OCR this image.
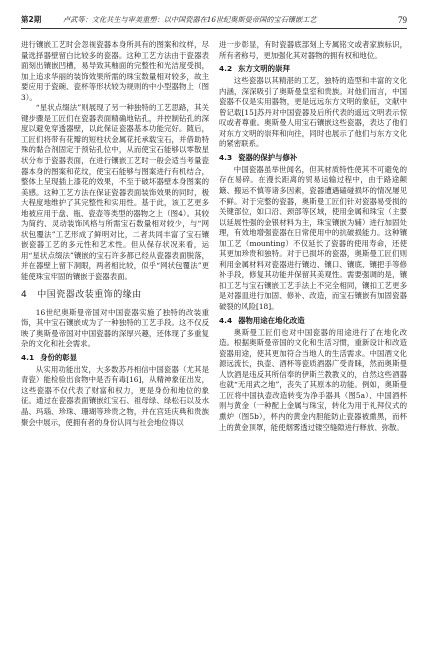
第2期	卢武等：文化共生与审美重塑：以中国瓷器在16世纪奥斯曼帝国的宝石镶嵌工艺	79

进行镶嵌工艺时会忽视瓷器本身所具有的图案和纹样，尽量选择器壁留白比较多的瓷器。这种工艺方法由于瓷器表面刻出镶嵌凹槽，易导致其釉面的完整性和光洁度受损，加上追求华丽的装饰效果所需的珠宝数量相对较多，故主要应用于瓷碗、瓷杯等形状较为规则的中小型器物上（图3）。

“星状点缀法”则展现了另一种独特的工艺思路，其关键步骤是工匠们在瓷器表面精确地钻孔，并控制钻孔的深度以避免穿透器壁，以此保证瓷器基本功能完好。随后，工匠们将带有花瓣的短柱状金属花托承载宝石，并借助特殊的黏合剂固定于预钻孔位中，从而使宝石能够以零散星状分布于瓷器表面，在进行镶嵌工艺时一般会适当考量瓷器本身的图案和花纹，使宝石能够与图案进行有机结合，整体上呈现插上漆花的效果，不至于破坏器壁本身图案的美感。这种工艺方法在保证瓷器表面装饰效果的同时，极大程度地维护了其完整性和实用性。基于此，该工艺更多地被应用于盘、瓶、瓷壶等类型的器物之上（图4）。其较为简约、灵动装饰风格与所需宝石数量相对较少，与“网状包覆法”工艺形成了鲜明对比，二者共同丰富了宝石镶嵌瓷器工艺的多元性和艺术性。但从保存状况来看，运用“星状点缀法”镶嵌的宝石许多都已经从瓷器表面脱落，并在器壁上留下洞眼，两者相比较，似乎“网状包覆法”更能使珠宝牢固的镶嵌于瓷器表面。

4 中国瓷器改装重饰的缘由

16世纪奥斯曼帝国对中国瓷器实施了独特的改装重饰，其中宝石镶嵌成为了一种独特的工艺手段。这不仅反映了奥斯曼帝国对中国瓷器的深厚兴趣，还体现了多重复杂的文化和社会需求。

4.1 身份的彰显

从实用功能出发，大多数苏丹相信中国瓷器（尤其是青瓷）能检验出食物中是否有毒[16]，从精神象征出发，这些瓷器不仅代表了财富和权力，更是身份和地位的象征。通过在瓷器表面镶嵌红宝石、祖母绿、绿松石以及水晶、玛瑙、珍珠、珊瑚等珍贵之物，并在宫廷庆典和贵族聚会中展示，使拥有者的身份认同与社会地位得以

进一步彰显，有时瓷器底部刻上专属铭文或者家族标识，所有者称号，更加强化其对器物的拥有权和地位。

4.2 东方文明的崇拜

这些瓷器以其精湛的工艺，独特的造型和丰富的文化内涵，深深吸引了奥斯曼皇室和贵族。对他们而言，中国瓷器不仅是实用器物，更是远远东方文明的象征，文献中曾记载[15]苏丹对中国瓷器及后所代表的遥远文明表示惊叹或者尊重。奥斯曼人用宝石镶嵌这些瓷器，表达了他们对东方文明的崇拜和向往，同时也展示了他们与东方文化的紧密联系。

4.3 瓷器的保护与修补

中国瓷器虽举世闻名，但其材质特性使其不可避免的存在易碎。在漫长距离的贸易运输过程中，由于路途颠簸、搬运不慎等诸多因素，瓷器遭遇磕碰损坏的情况屡见不鲜。对于完整的瓷器，奥斯曼工匠们针对瓷器易受损的关键部位，如口沿、颈部等区域，使用金属和珠宝（主要以延展性强的金银材料为主，珠宝镶嵌为辅）进行加固处理，有效地增强瓷器在日常使用中的抗破损能力。这种镶加工艺（mounting）不仅延长了瓷器的使用寿命，还使其更加珍贵和独特。对于已损坏的瓷器，奥斯曼工匠们则利用金属材料对瓷器进行镶边、镶口、镶底、镶把手等修补手段，修复其功能并保留其美观性。需要强调的是，镶扣工艺与宝石镶嵌工艺手法上不完全相同，镶扣工艺更多是对器皿进行加固、修补、改造，而宝石镶嵌有加固瓷器破裂的风险[18]。

4.4 器物用途在地化改造

奥斯曼工匠们也对中国瓷器的用途进行了在地化改造。根据奥斯曼帝国的文化和生活习惯，重新设计和改造瓷器用途，使其更加符合当地人的生活需求。中国酒文化源远流长，执壶、酒杯等瓷质酒器广受青睐，然而奥斯曼人饮酒是违反其所信奉的伊斯兰教教义的，自然这些酒器也就“无用武之地”，丧失了其原本的功能。例如，奥斯曼工匠将中国执壶改造转变为净手器具（图5a）、中国酒杯则与黄金（一种配上金属与珠宝，转化为用于礼拜仪式的熏炉（图5b），杯内的黄金内胆能防止瓷器被熏黑，而杯上的黄金顶罩，能使烟雾透过镂空缝隙进行释放、弥散。
